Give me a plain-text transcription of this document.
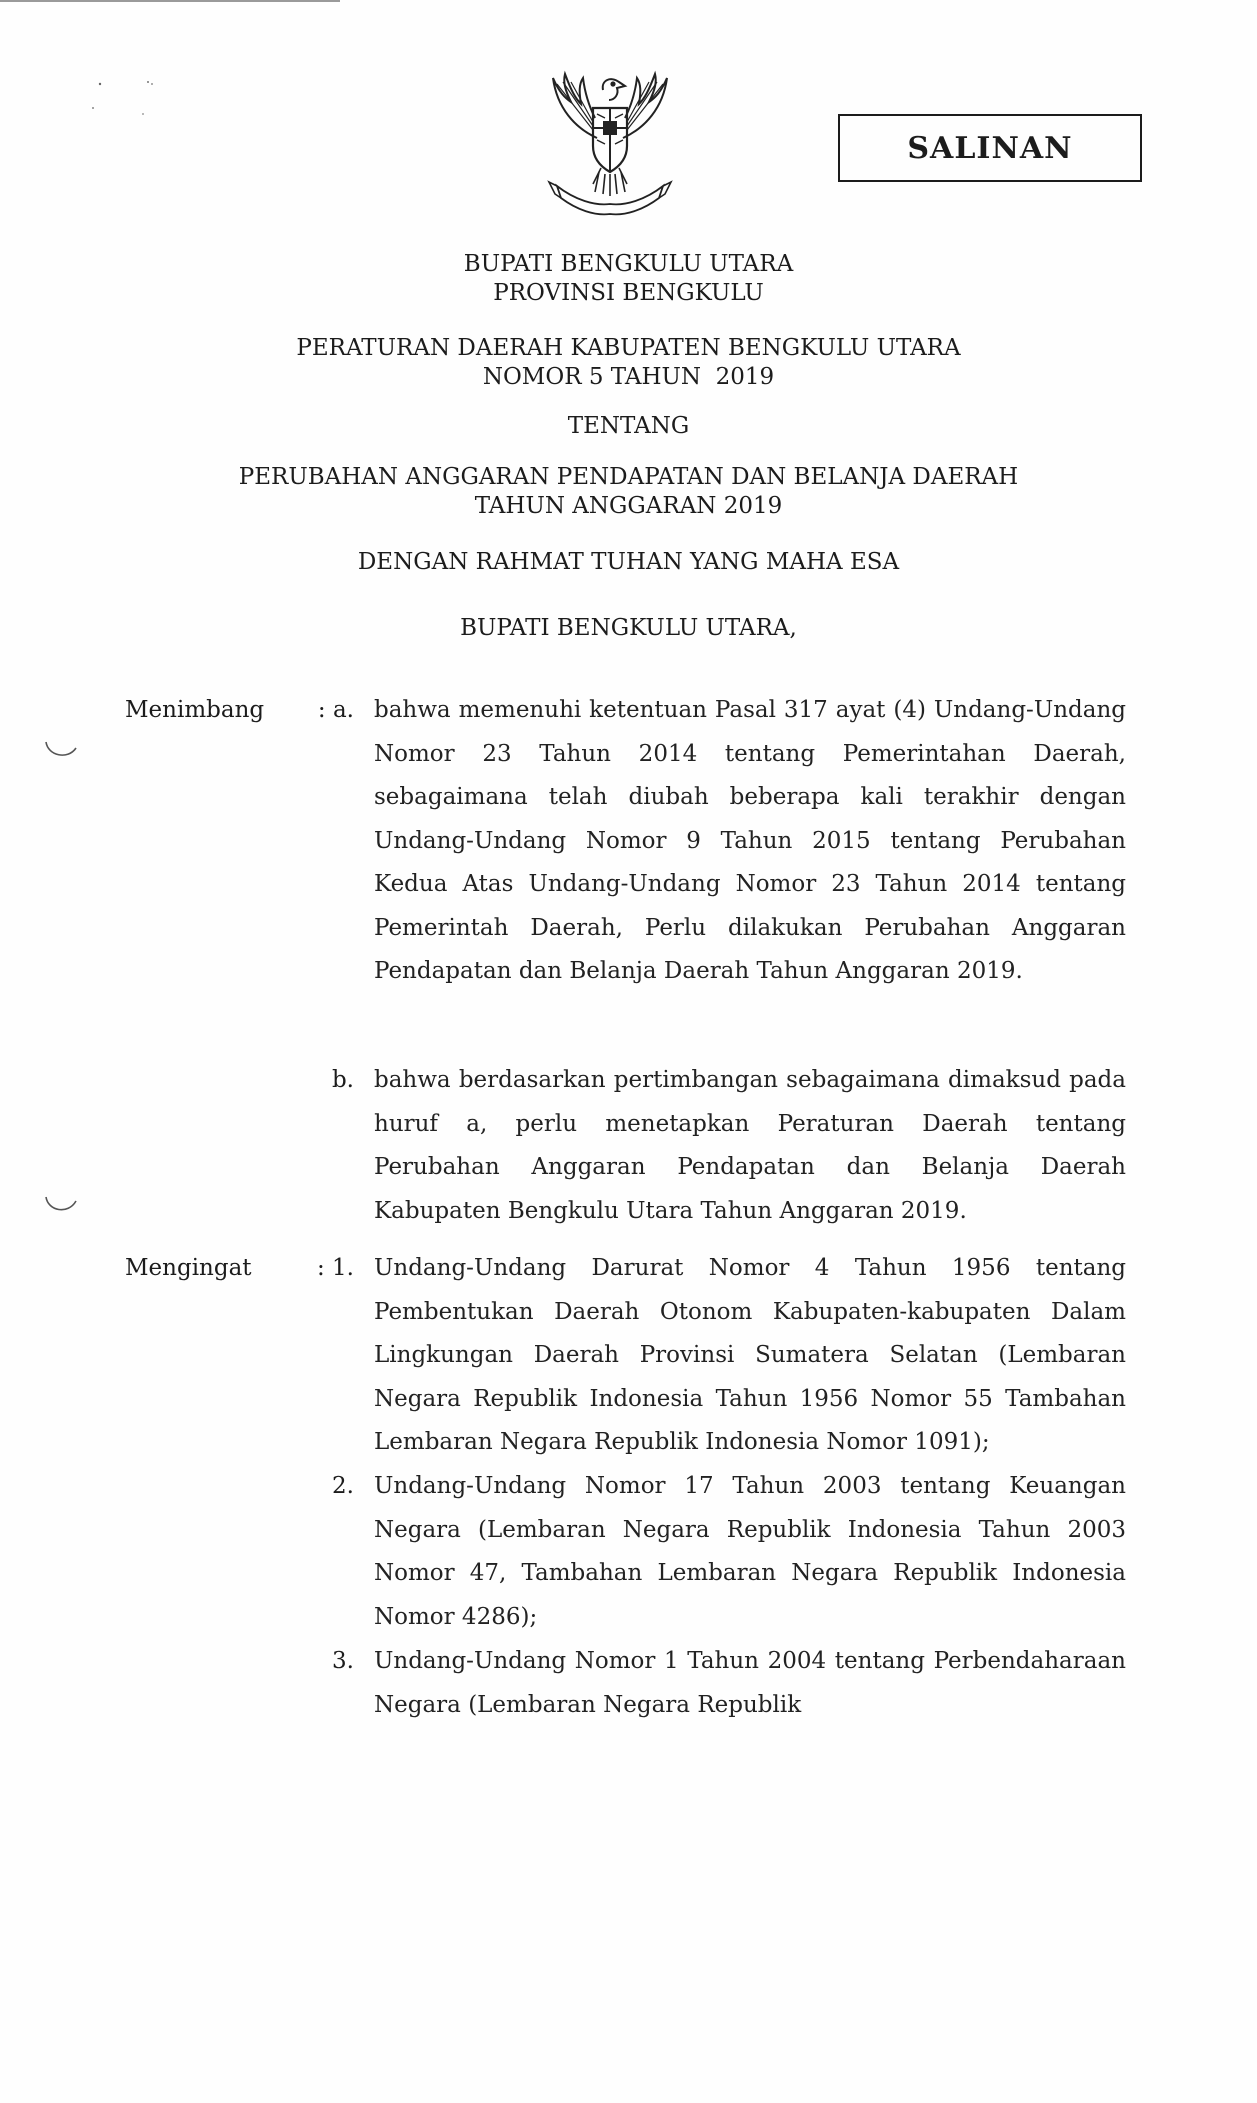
SALINAN
BUPATI BENGKULU UTARA
PROVINSI BENGKULU
PERATURAN DAERAH KABUPATEN BENGKULU UTARA
NOMOR 5 TAHUN  2019
TENTANG
PERUBAHAN ANGGARAN PENDAPATAN DAN BELANJA DAERAH
TAHUN ANGGARAN 2019
DENGAN RAHMAT TUHAN YANG MAHA ESA
BUPATI BENGKULU UTARA,
Menimbang	: a. bahwa memenuhi ketentuan Pasal 317 ayat (4) Undang-Undang Nomor 23 Tahun 2014 tentang Pemerintahan Daerah, sebagaimana telah diubah beberapa kali terakhir dengan Undang-Undang Nomor 9 Tahun 2015 tentang Perubahan Kedua Atas Undang-Undang Nomor 23 Tahun 2014 tentang Pemerintah Daerah, Perlu dilakukan Perubahan Anggaran Pendapatan dan Belanja Daerah Tahun Anggaran 2019.
b. bahwa berdasarkan pertimbangan sebagaimana dimaksud pada huruf a, perlu menetapkan Peraturan Daerah tentang Perubahan Anggaran Pendapatan dan Belanja Daerah Kabupaten Bengkulu Utara Tahun Anggaran 2019.
Mengingat	: 1. Undang-Undang Darurat Nomor 4 Tahun 1956 tentang Pembentukan Daerah Otonom Kabupaten-kabupaten Dalam Lingkungan Daerah Provinsi Sumatera Selatan (Lembaran Negara Republik Indonesia Tahun 1956 Nomor 55 Tambahan Lembaran Negara Republik Indonesia Nomor 1091);
2. Undang-Undang Nomor 17 Tahun 2003 tentang Keuangan Negara (Lembaran Negara Republik Indonesia Tahun 2003 Nomor 47, Tambahan Lembaran Negara Republik Indonesia Nomor 4286);
3. Undang-Undang Nomor 1 Tahun 2004 tentang Perbendaharaan Negara (Lembaran Negara Republik
